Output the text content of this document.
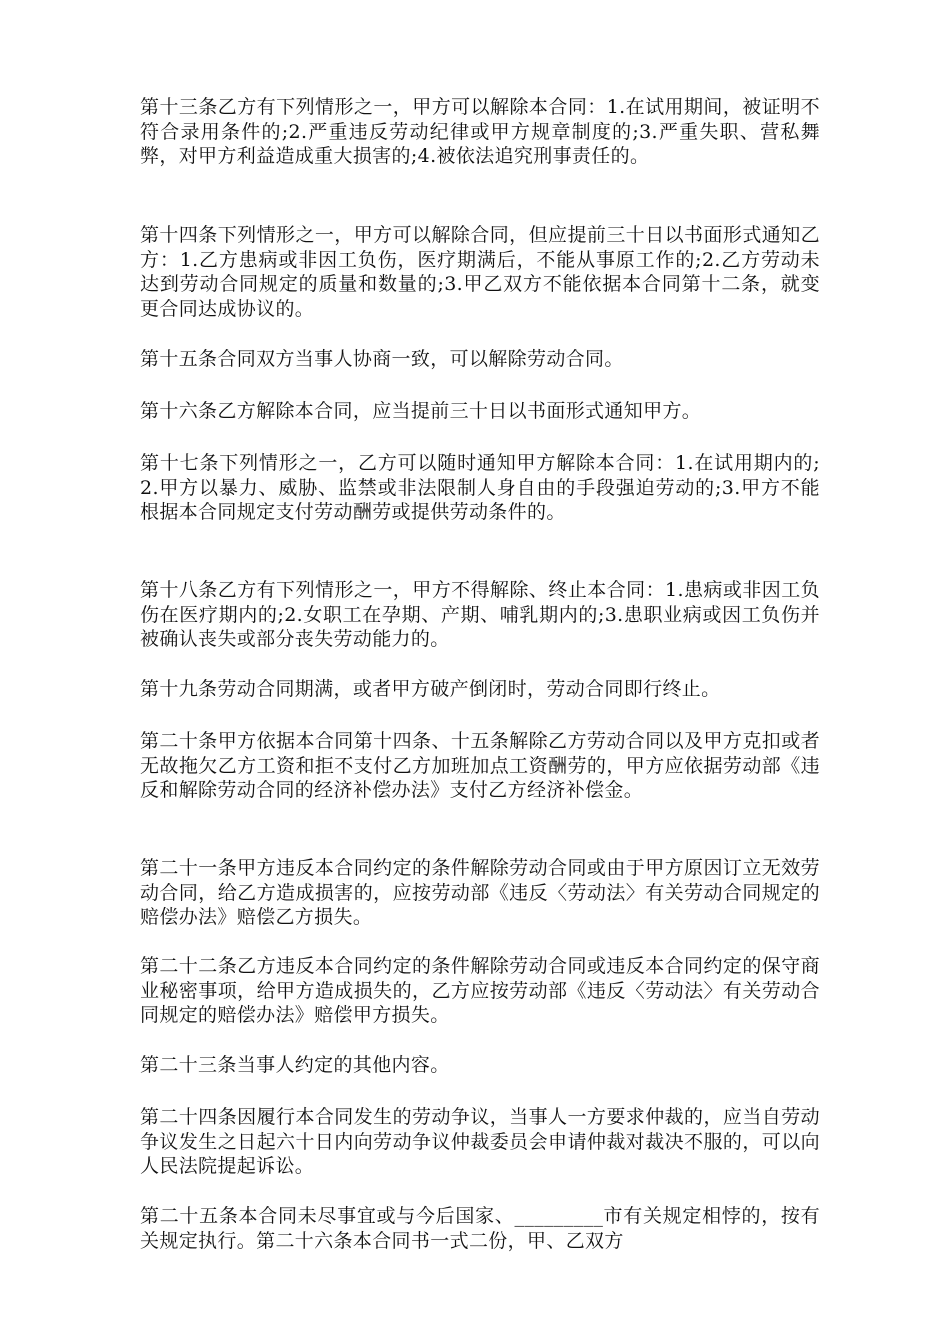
第十三条乙方有下列情形之一，甲方可以解除本合同：1.在试用期间，被证明不符合录用条件的;2.严重违反劳动纪律或甲方规章制度的;3.严重失职、营私舞弊，对甲方利益造成重大损害的;4.被依法追究刑事责任的。

第十四条下列情形之一，甲方可以解除合同，但应提前三十日以书面形式通知乙方：1.乙方患病或非因工负伤，医疗期满后，不能从事原工作的;2.乙方劳动未达到劳动合同规定的质量和数量的;3.甲乙双方不能依据本合同第十二条，就变更合同达成协议的。

第十五条合同双方当事人协商一致，可以解除劳动合同。

第十六条乙方解除本合同，应当提前三十日以书面形式通知甲方。

第十七条下列情形之一，乙方可以随时通知甲方解除本合同：1.在试用期内的;2.甲方以暴力、威胁、监禁或非法限制人身自由的手段强迫劳动的;3.甲方不能根据本合同规定支付劳动酬劳或提供劳动条件的。

第十八条乙方有下列情形之一，甲方不得解除、终止本合同：1.患病或非因工负伤在医疗期内的;2.女职工在孕期、产期、哺乳期内的;3.患职业病或因工负伤并被确认丧失或部分丧失劳动能力的。

第十九条劳动合同期满，或者甲方破产倒闭时，劳动合同即行终止。

第二十条甲方依据本合同第十四条、十五条解除乙方劳动合同以及甲方克扣或者无故拖欠乙方工资和拒不支付乙方加班加点工资酬劳的，甲方应依据劳动部《违反和解除劳动合同的经济补偿办法》支付乙方经济补偿金。

第二十一条甲方违反本合同约定的条件解除劳动合同或由于甲方原因订立无效劳动合同，给乙方造成损害的，应按劳动部《违反〈劳动法〉有关劳动合同规定的赔偿办法》赔偿乙方损失。

第二十二条乙方违反本合同约定的条件解除劳动合同或违反本合同约定的保守商业秘密事项，给甲方造成损失的，乙方应按劳动部《违反〈劳动法〉有关劳动合同规定的赔偿办法》赔偿甲方损失。

第二十三条当事人约定的其他内容。

第二十四条因履行本合同发生的劳动争议，当事人一方要求仲裁的，应当自劳动争议发生之日起六十日内向劳动争议仲裁委员会申请仲裁对裁决不服的，可以向人民法院提起诉讼。

第二十五条本合同未尽事宜或与今后国家、_________市有关规定相悖的，按有关规定执行。第二十六条本合同书一式二份，甲、乙双方
